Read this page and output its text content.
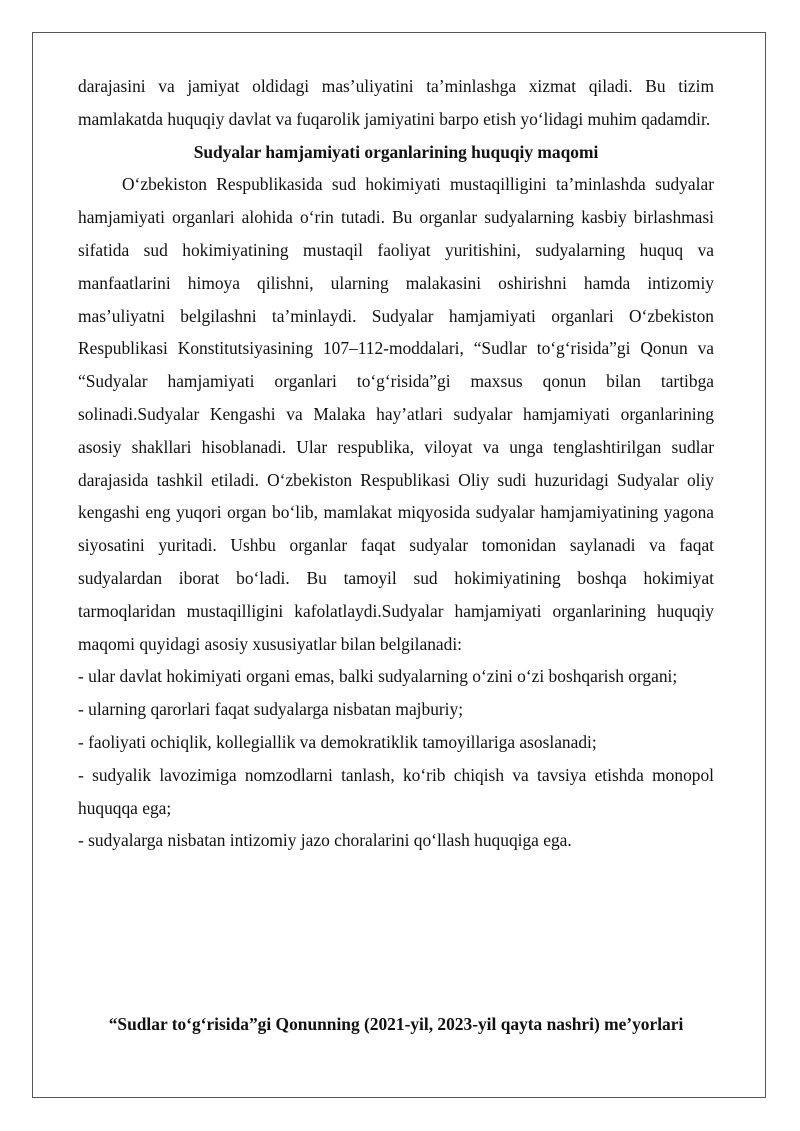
darajasini va jamiyat oldidagi mas’uliyatini ta’minlashga xizmat qiladi. Bu tizim mamlakatda huquqiy davlat va fuqarolik jamiyatini barpo etish yo‘lidagi muhim qadamdir.

Sudyalar hamjamiyati organlarining huquqiy maqomi

O‘zbekiston Respublikasida sud hokimiyati mustaqilligini ta’minlashda sudyalar hamjamiyati organlari alohida o‘rin tutadi. Bu organlar sudyalarning kasbiy birlashmasi sifatida sud hokimiyatining mustaqil faoliyat yuritishini, sudyalarning huquq va manfaatlarini himoya qilishni, ularning malakasini oshirishni hamda intizomiy mas’uliyatni belgilashni ta’minlaydi. Sudyalar hamjamiyati organlari O‘zbekiston Respublikasi Konstitutsiyasining 107–112-moddalari, “Sudlar to‘g‘risida”gi Qonun va “Sudyalar hamjamiyati organlari to‘g‘risida”gi maxsus qonun bilan tartibga solinadi.Sudyalar Kengashi va Malaka hay’atlari sudyalar hamjamiyati organlarining asosiy shakllari hisoblanadi. Ular respublika, viloyat va unga tenglashtirilgan sudlar darajasida tashkil etiladi. O‘zbekiston Respublikasi Oliy sudi huzuridagi Sudyalar oliy kengashi eng yuqori organ bo‘lib, mamlakat miqyosida sudyalar hamjamiyatining yagona siyosatini yuritadi. Ushbu organlar faqat sudyalar tomonidan saylanadi va faqat sudyalardan iborat bo‘ladi. Bu tamoyil sud hokimiyatining boshqa hokimiyat tarmoqlaridan mustaqilligini kafolatlaydi.Sudyalar hamjamiyati organlarining huquqiy maqomi quyidagi asosiy xususiyatlar bilan belgilanadi:

- ular davlat hokimiyati organi emas, balki sudyalarning o‘zini o‘zi boshqarish organi;

- ularning qarorlari faqat sudyalarga nisbatan majburiy;

- faoliyati ochiqlik, kollegiallik va demokratiklik tamoyillariga asoslanadi;

- sudyalik lavozimiga nomzodlarni tanlash, ko‘rib chiqish va tavsiya etishda monopol huquqqa ega;

- sudyalarga nisbatan intizomiy jazo choralarini qo‘llash huquqiga ega.

“Sudlar to‘g‘risida”gi Qonunning (2021-yil, 2023-yil qayta nashri) me’yorlari
